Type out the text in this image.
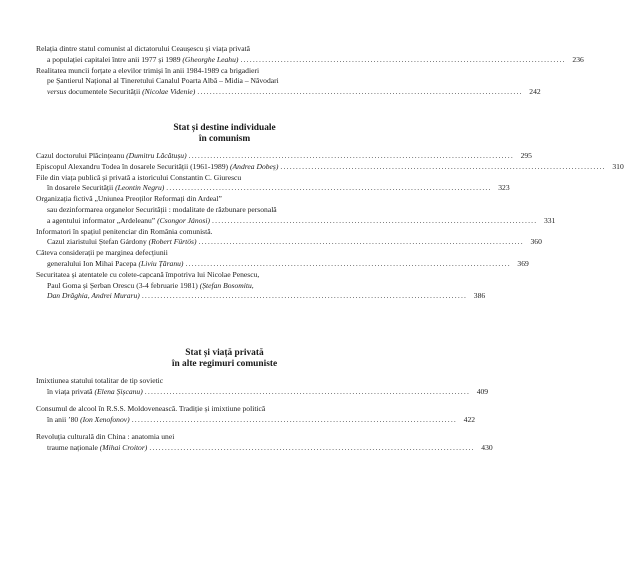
Relația dintre statul comunist al dictatorului Ceaușescu și viața privată
a populației capitalei între anii 1977 și 1989 (Gheorghe Leahu) ......................................................................................................... 236
Realitatea muncii forțate a elevilor trimiși în anii 1984-1989 ca brigadieri
pe Șantierul Național al Tineretului Canalul Poarta Albă – Midia – Năvodari
versus documentele Securității (Nicolae Videnie) ......................................................................................................... 242
Stat și destine individuale
în comunism
Cazul doctorului Plăcințeanu (Dumitru Lăcătușu) ......................................................................................................... 295
Episcopul Alexandru Todea în dosarele Securității (1961-1989) (Andrea Dobeș) ......................................................................................................... 310
File din viața publică și privată a istoricului Constantin C. Giurescu
în dosarele Securității (Leontin Negru) ......................................................................................................... 323
Organizația fictivă „Uniunea Preoților Reformați din Ardeal”
sau dezinformarea organelor Securității : modalitate de răzbunare personală
a agentului informator „Ardeleanu” (Csongor Jánosi) ......................................................................................................... 331
Informatori în spațiul penitenciar din România comunistă.
Cazul ziaristului Ștefan Gárdony (Robert Fürtös) ......................................................................................................... 360
Câteva considerații pe marginea defecțiunii
generalului Ion Mihai Pacepa (Liviu Țăranu) ......................................................................................................... 369
Securitatea și atentatele cu colete-capcană împotriva lui Nicolae Penescu,
Paul Goma și Șerban Orescu (3-4 februarie 1981) (Ștefan Bosomitu,
Dan Drăghia, Andrei Muraru) ......................................................................................................... 386
Stat și viață privată
în alte regimuri comuniste
Imixtiunea statului totalitar de tip sovietic
în viața privată (Elena Șișcanu) ......................................................................................................... 409
Consumul de alcool în R.S.S. Moldovenească. Tradiție și imixtiune politică
în anii ’80 (Ion Xenofonov) ......................................................................................................... 422
Revoluția culturală din China : anatomia unei
traume naționale (Mihai Croitor) ......................................................................................................... 430
